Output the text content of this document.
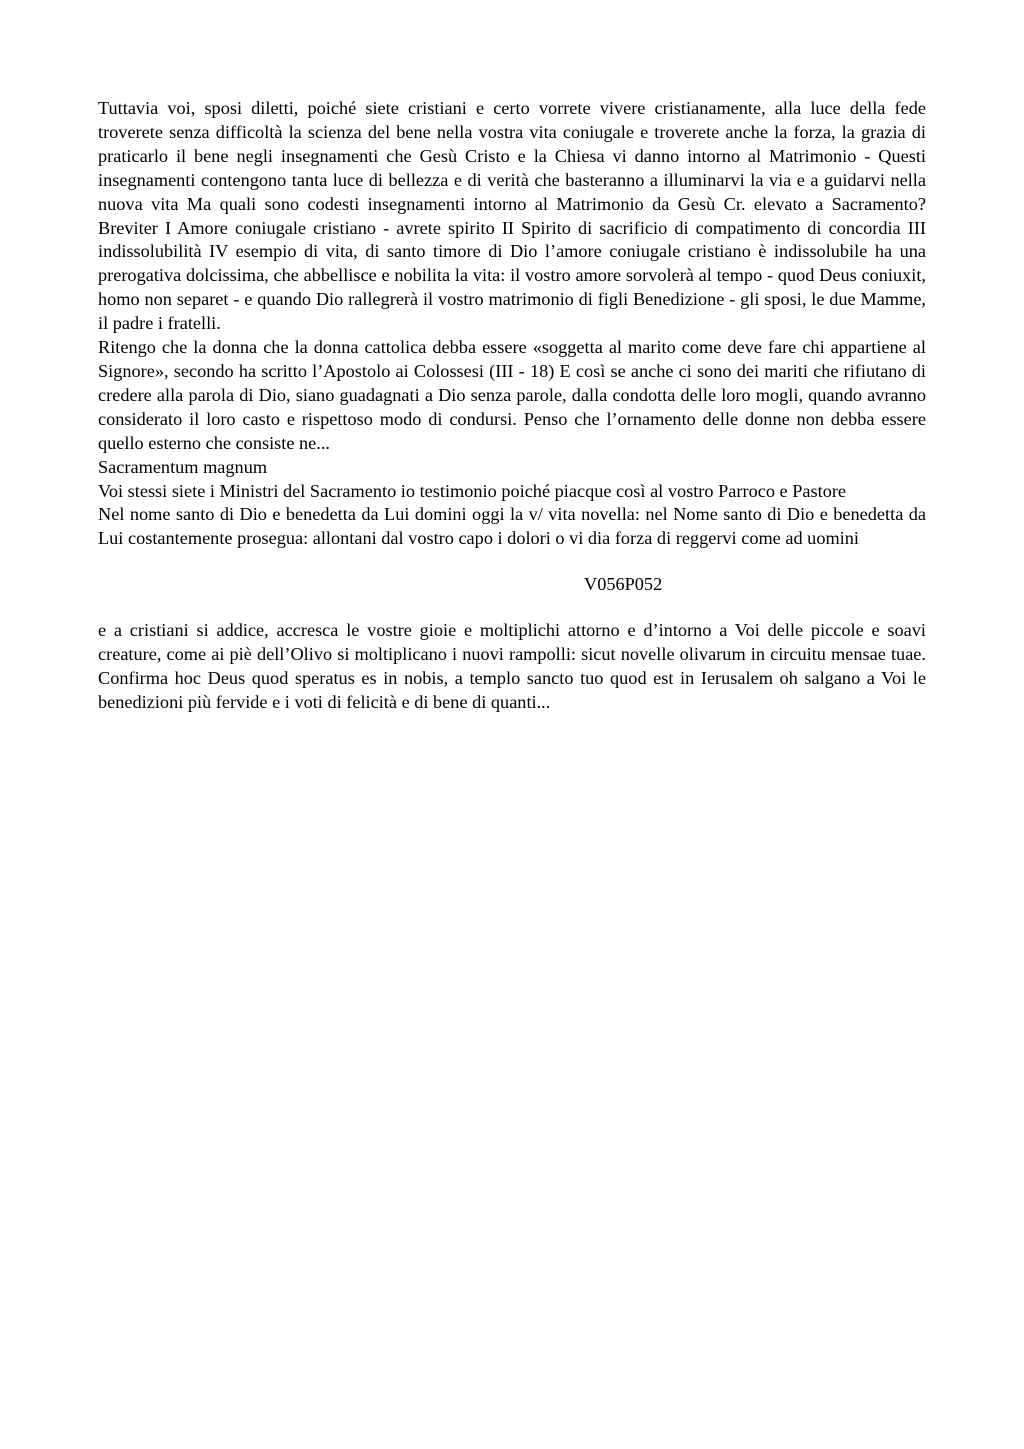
Tuttavia voi, sposi diletti, poiché siete cristiani e certo vorrete vivere cristianamente, alla luce della fede troverete senza difficoltà la scienza del bene nella vostra vita coniugale e troverete anche la forza, la grazia di praticarlo il bene negli insegnamenti che Gesù Cristo e la Chiesa vi danno intorno al Matrimonio - Questi insegnamenti contengono tanta luce di bellezza e di verità che basteranno a illuminarvi la via e a guidarvi nella nuova vita Ma quali sono codesti insegnamenti intorno al Matrimonio da Gesù Cr. elevato a Sacramento? Breviter I Amore coniugale cristiano - avrete spirito II Spirito di sacrificio di compatimento di concordia III indissolubilità IV esempio di vita, di santo timore di Dio l’amore coniugale cristiano è indissolubile ha una prerogativa dolcissima, che abbellisce e nobilita la vita: il vostro amore sorvolerà al tempo - quod Deus coniuxit, homo non separet - e quando Dio rallegrerà il vostro matrimonio di figli Benedizione - gli sposi, le due Mamme, il padre i fratelli.

Ritengo che la donna che la donna cattolica debba essere «soggetta al marito come deve fare chi appartiene al Signore», secondo ha scritto l’Apostolo ai Colossesi (III - 18) E così se anche ci sono dei mariti che rifiutano di credere alla parola di Dio, siano guadagnati a Dio senza parole, dalla condotta delle loro mogli, quando avranno considerato il loro casto e rispettoso modo di condursi. Penso che l’ornamento delle donne non debba essere quello esterno che consiste ne...

Sacramentum magnum

Voi stessi siete i Ministri del Sacramento io testimonio poiché piacque così al vostro Parroco e Pastore

Nel nome santo di Dio e benedetta da Lui domini oggi la v/ vita novella: nel Nome santo di Dio e benedetta da Lui costantemente prosegua: allontani dal vostro capo i dolori o vi dia forza di reggervi come ad uomini

V056P052

e a cristiani si addice, accresca le vostre gioie e moltiplichi attorno e d’intorno a Voi delle piccole e soavi creature, come ai piè dell’Olivo si moltiplicano i nuovi rampolli: sicut novelle olivarum in circuitu mensae tuae. Confirma hoc Deus quod speratus es in nobis, a templo sancto tuo quod est in Ierusalem oh salgano a Voi le benedizioni più fervide e i voti di felicità e di bene di quanti...
